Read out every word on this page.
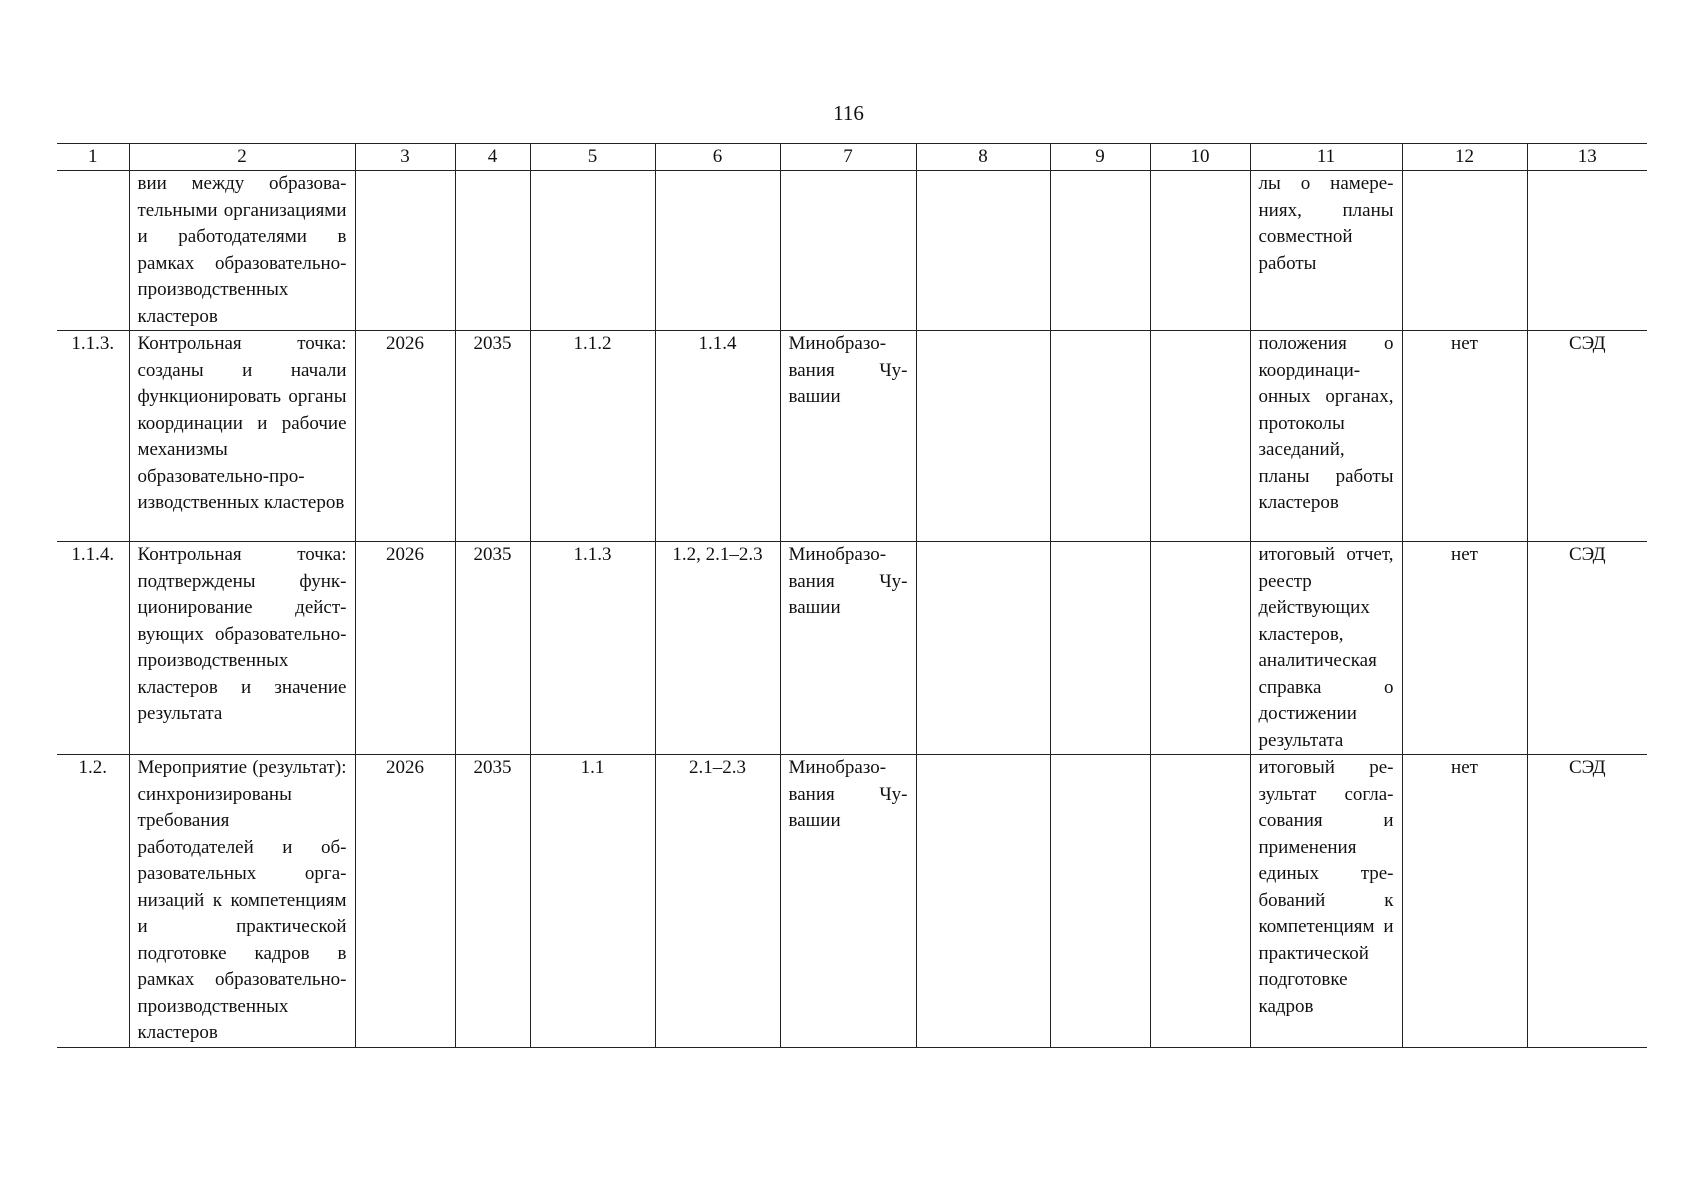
116
1	2	3	4	5	6	7	8	9	10	11	12	13
	вии между образовательными организациями и работодателями в рамках образовательно-производственных кластеров									лы о намерениях, планы совместной работы		
1.1.3.	Контрольная точка: созданы и начали функционировать органы координации и рабочие механизмы образовательно-производственных кластеров	2026	2035	1.1.2	1.1.4	Минобразования Чувашии				положения о координационных органах, протоколы заседаний, планы работы кластеров	нет	СЭД
1.1.4.	Контрольная точка: подтверждены функционирование действующих образовательно-производственных кластеров и значение результата	2026	2035	1.1.3	1.2, 2.1–2.3	Минобразования Чувашии				итоговый отчет, реестр действующих кластеров, аналитическая справка о достижении результата	нет	СЭД
1.2.	Мероприятие (результат): синхронизированы требования работодателей и образовательных организаций к компетенциям и практической подготовке кадров в рамках образовательно-производственных кластеров	2026	2035	1.1	2.1–2.3	Минобразования Чувашии				итоговый результат согласования и применения единых требований к компетенциям и практической подготовке кадров	нет	СЭД
